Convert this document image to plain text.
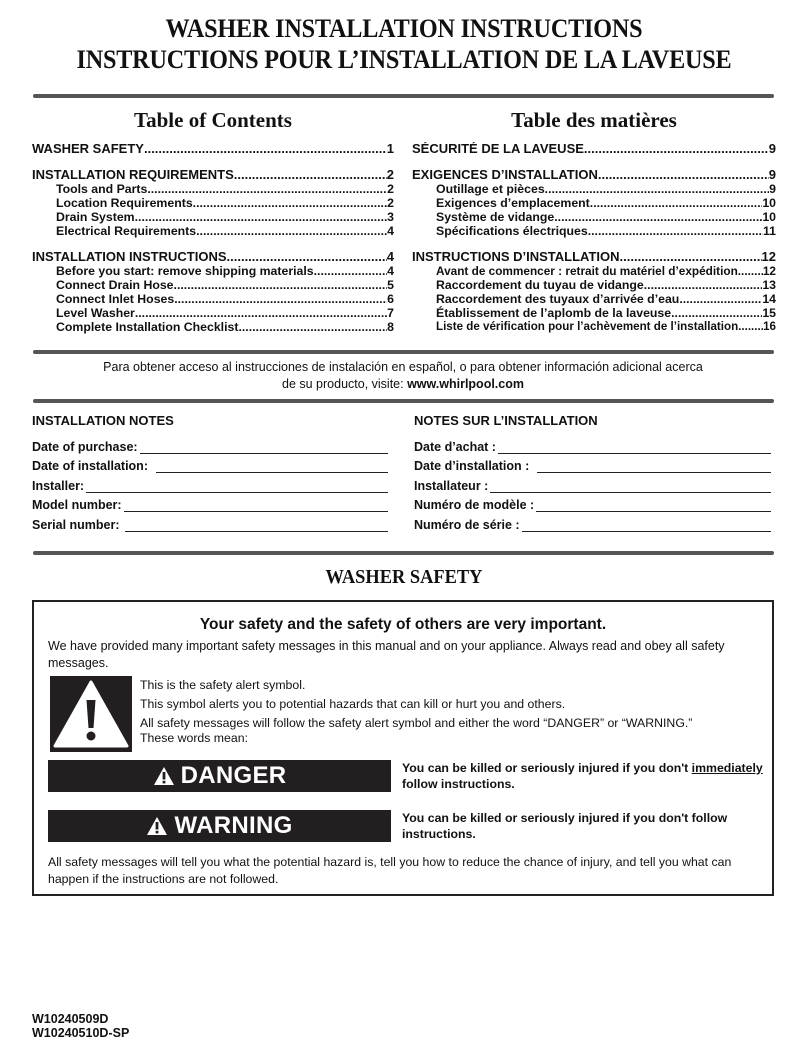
WASHER INSTALLATION INSTRUCTIONS
INSTRUCTIONS POUR L’INSTALLATION DE LA LAVEUSE
Table of Contents
WASHER SAFETY .....	1
INSTALLATION REQUIREMENTS .....	2
Tools and Parts .....	2
Location Requirements .....	2
Drain System .....	3
Electrical Requirements .....	4
INSTALLATION INSTRUCTIONS .....	4
Before you start: remove shipping materials .....	4
Connect Drain Hose .....	5
Connect Inlet Hoses .....	6
Level Washer .....	7
Complete Installation Checklist .....	8
Table des matières
SÉCURITÉ DE LA LAVEUSE .....	9
EXIGENCES D’INSTALLATION .....	9
Outillage et pièces .....	9
Exigences d’emplacement .....	10
Système de vidange .....	10
Spécifications électriques .....	11
INSTRUCTIONS D’INSTALLATION .....	12
Avant de commencer : retrait du matériel d’expédition ..... 12
Raccordement du tuyau de vidange .....	13
Raccordement des tuyaux d’arrivée d’eau .....	14
Établissement de l’aplomb de la laveuse .....	15
Liste de vérification pour l’achèvement de l’installation ..... 16
Para obtener acceso al instrucciones de instalación en español, o para obtener información adicional acerca
de su producto, visite: www.whirlpool.com
INSTALLATION NOTES
Date of purchase:
Date of installation:
Installer:
Model number:
Serial number:
NOTES SUR L’INSTALLATION
Date d’achat :
Date d’installation :
Installateur :
Numéro de modèle :
Numéro de série :
WASHER SAFETY
Your safety and the safety of others are very important.
We have provided many important safety messages in this manual and on your appliance. Always read and obey all safety messages.
This is the safety alert symbol.
This symbol alerts you to potential hazards that can kill or hurt you and others.
All safety messages will follow the safety alert symbol and either the word “DANGER” or “WARNING.”
These words mean:
DANGER	You can be killed or seriously injured if you don't immediately
follow instructions.
WARNING	You can be killed or seriously injured if you don't follow instructions.
All safety messages will tell you what the potential hazard is, tell you how to reduce the chance of injury, and tell you what can happen if the instructions are not followed.
W10240509D
W10240510D-SP
